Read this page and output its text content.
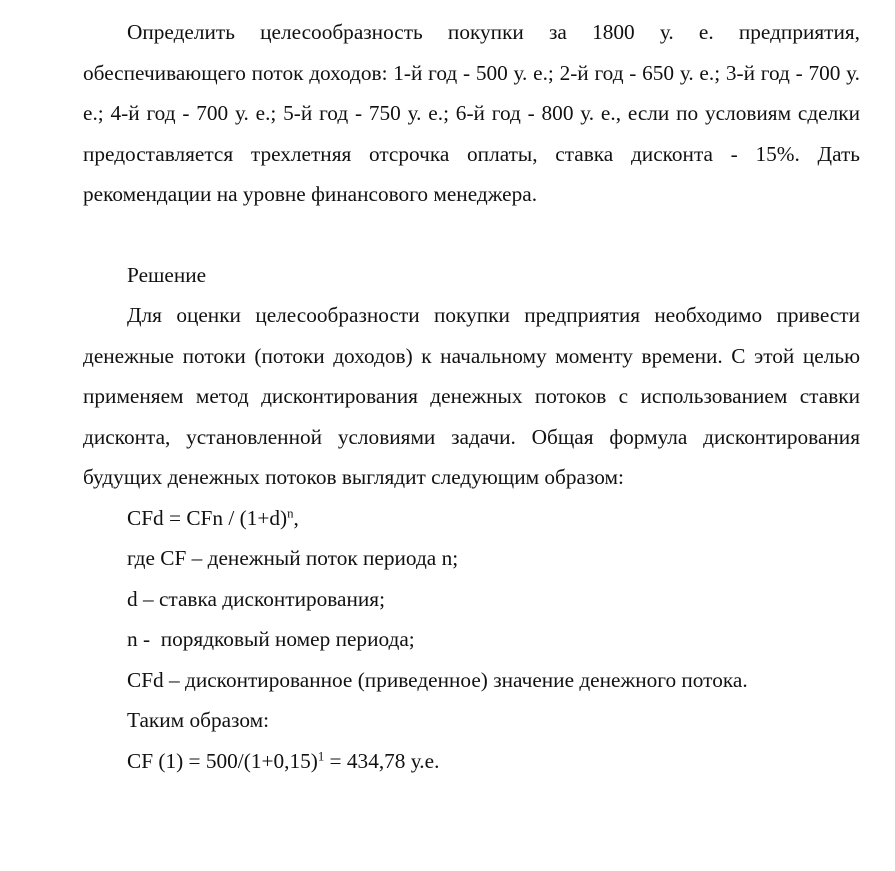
Определить целесообразность покупки за 1800 у. е. предприятия, обеспечивающего поток доходов: 1-й год - 500 у. е.; 2-й год - 650 у. е.; 3-й год - 700 у. е.; 4-й год - 700 у. е.; 5-й год - 750 у. е.; 6-й год - 800 у. е., если по условиям сделки предоставляется трехлетняя отсрочка оплаты, ставка дисконта - 15%. Дать рекомендации на уровне финансового менеджера.

Решение

Для оценки целесообразности покупки предприятия необходимо привести денежные потоки (потоки доходов) к начальному моменту времени. С этой целью применяем метод дисконтирования денежных потоков с использованием ставки дисконта, установленной условиями задачи. Общая формула дисконтирования будущих денежных потоков выглядит следующим образом:

CFd = CFn / $(1+d)^n$,

где CF – денежный поток периода n;

d – ставка дисконтирования;

n -  порядковый номер периода;

CFd – дисконтированное (приведенное) значение денежного потока.

Таким образом:

CF $(1) = 500/(1+0,15)^1 = 434,78$ у.е.
